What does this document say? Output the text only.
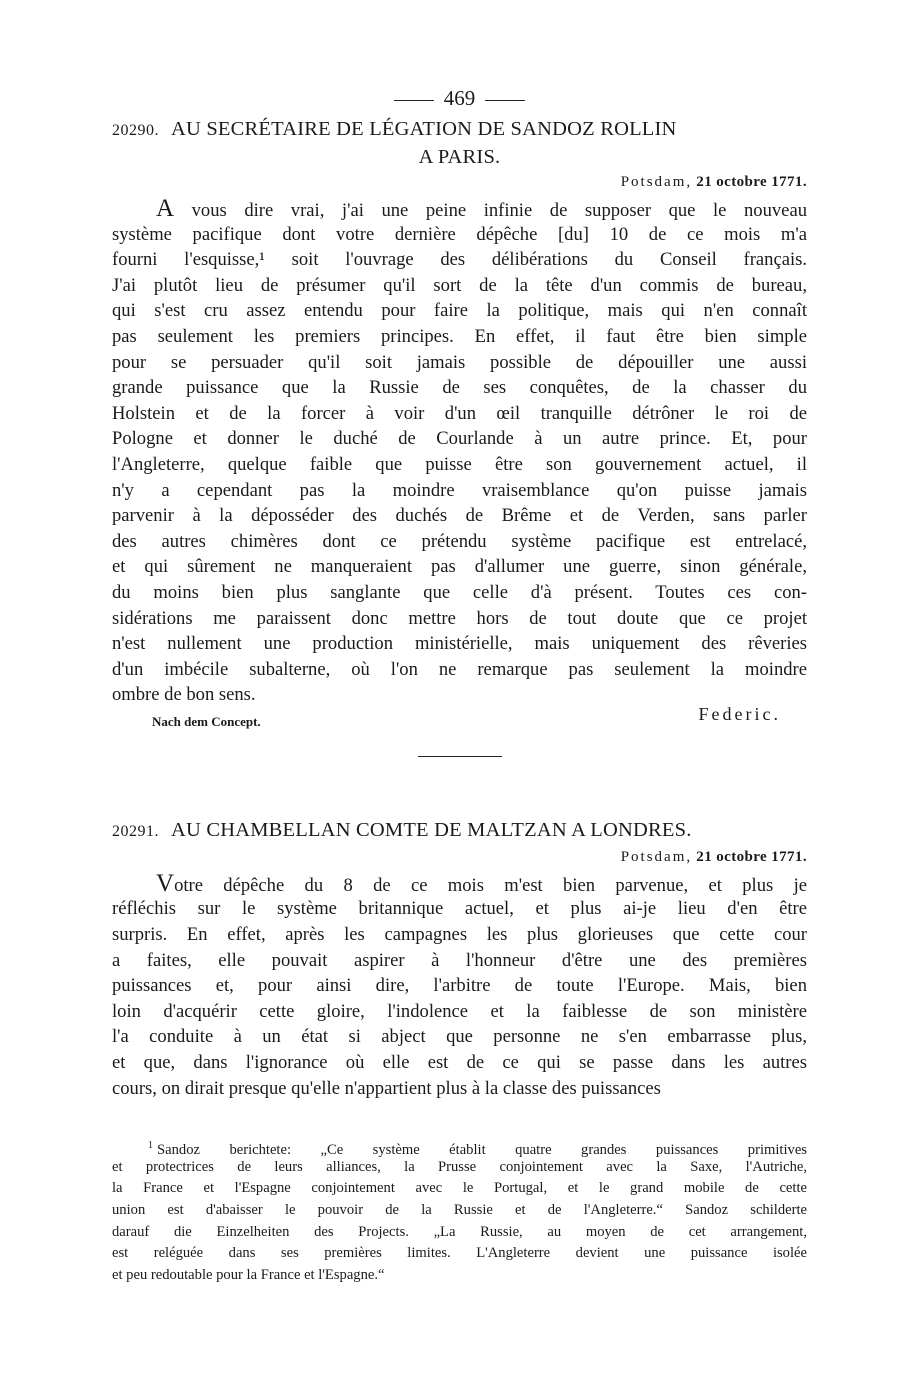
469
20290. AU SECRÉTAIRE DE LÉGATION DE SANDOZ ROLLIN
A PARIS.
Potsdam, 21 octobre 1771.
A vous dire vrai, j'ai une peine infinie de supposer que le nouveau
système pacifique dont votre dernière dépêche [du] 10 de ce mois m'a
fourni l'esquisse,¹ soit l'ouvrage des délibérations du Conseil français.
J'ai plutôt lieu de présumer qu'il sort de la tête d'un commis de bureau,
qui s'est cru assez entendu pour faire la politique, mais qui n'en connaît
pas seulement les premiers principes. En effet, il faut être bien simple
pour se persuader qu'il soit jamais possible de dépouiller une aussi
grande puissance que la Russie de ses conquêtes, de la chasser du
Holstein et de la forcer à voir d'un œil tranquille détrôner le roi de
Pologne et donner le duché de Courlande à un autre prince. Et, pour
l'Angleterre, quelque faible que puisse être son gouvernement actuel, il
n'y a cependant pas la moindre vraisemblance qu'on puisse jamais
parvenir à la déposséder des duchés de Brême et de Verden, sans parler
des autres chimères dont ce prétendu système pacifique est entrelacé,
et qui sûrement ne manqueraient pas d'allumer une guerre, sinon générale,
du moins bien plus sanglante que celle d'à présent. Toutes ces con-
sidérations me paraissent donc mettre hors de tout doute que ce projet
n'est nullement une production ministérielle, mais uniquement des rêveries
d'un imbécile subalterne, où l'on ne remarque pas seulement la moindre
ombre de bon sens.
Nach dem Concept.	Federic.
20291. AU CHAMBELLAN COMTE DE MALTZAN A LONDRES.
Potsdam, 21 octobre 1771.
Votre dépêche du 8 de ce mois m'est bien parvenue, et plus je
réfléchis sur le système britannique actuel, et plus ai-je lieu d'en être
surpris. En effet, après les campagnes les plus glorieuses que cette cour
a faites, elle pouvait aspirer à l'honneur d'être une des premières
puissances et, pour ainsi dire, l'arbitre de toute l'Europe. Mais, bien
loin d'acquérir cette gloire, l'indolence et la faiblesse de son ministère
l'a conduite à un état si abject que personne ne s'en embarrasse plus,
et que, dans l'ignorance où elle est de ce qui se passe dans les autres
cours, on dirait presque qu'elle n'appartient plus à la classe des puissances
$^1$ Sandoz berichtete: „Ce système établit quatre grandes puissances primitives
et protectrices de leurs alliances, la Prusse conjointement avec la Saxe, l'Autriche,
la France et l'Espagne conjointement avec le Portugal, et le grand mobile de cette
union est d'abaisser le pouvoir de la Russie et de l'Angleterre.“ Sandoz schilderte
darauf die Einzelheiten des Projects. „La Russie, au moyen de cet arrangement,
est reléguée dans ses premières limites. L'Angleterre devient une puissance isolée
et peu redoutable pour la France et l'Espagne.“
